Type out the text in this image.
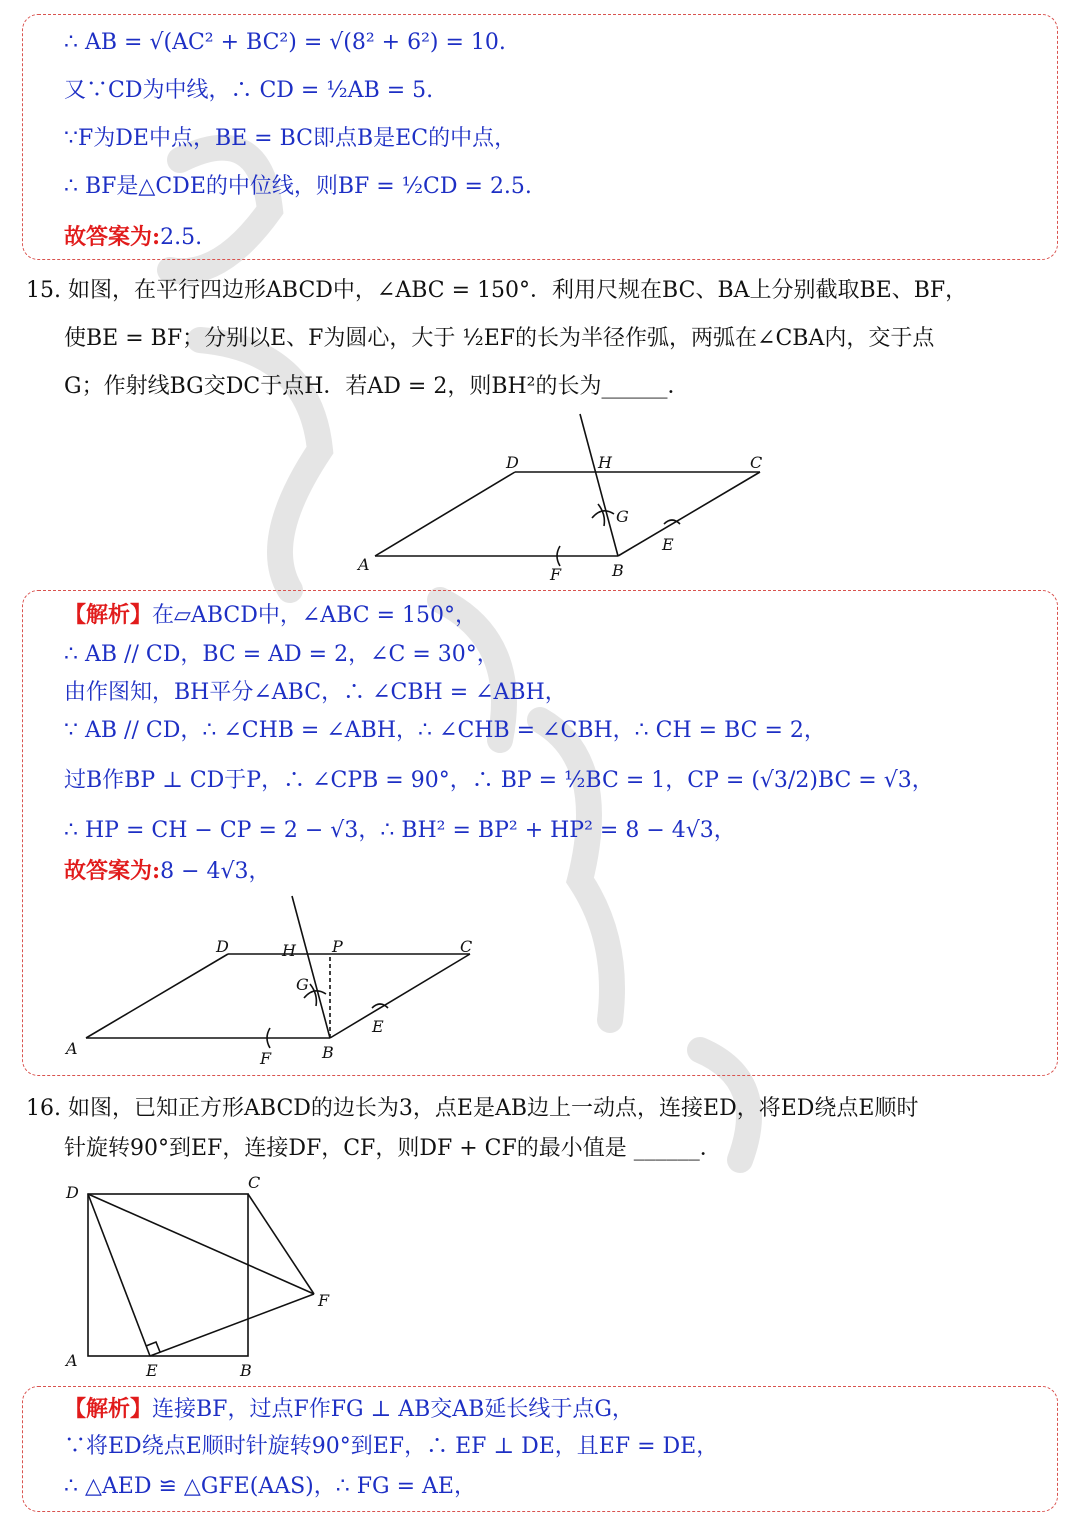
∴ AB = √(AC² + BC²) = √(8² + 6²) = 10.
又∵CD为中线，∴ CD = ½AB = 5.
∵F为DE中点，BE = BC即点B是EC的中点，
∴ BF是△CDE的中位线，则BF = ½CD = 2.5.
故答案为:2.5.
15. 如图，在平行四边形ABCD中，∠ABC = 150°．利用尺规在BC、BA上分别截取BE、BF，
使BE = BF；分别以E、F为圆心，大于 ½EF的长为半径作弧，两弧在∠CBA内，交于点
G；作射线BG交DC于点H．若AD = 2，则BH²的长为______．
D	H	C
G
E
A
F	B
【解析】在▱ABCD中，∠ABC = 150°，
∴ AB // CD，BC = AD = 2，∠C = 30°，
由作图知，BH平分∠ABC，∴ ∠CBH = ∠ABH，
∵ AB // CD，∴ ∠CHB = ∠ABH，∴ ∠CHB = ∠CBH，∴ CH = BC = 2，
过B作BP ⊥ CD于P，∴ ∠CPB = 90°，∴ BP = ½BC = 1，CP = (√3/2)BC = √3，
∴ HP = CH − CP = 2 − √3，∴ BH² = BP² + HP² = 8 − 4√3，
故答案为:8 − 4√3，
D	H P	C
G
E
A
F	B
16. 如图，已知正方形ABCD的边长为3，点E是AB边上一动点，连接ED，将ED绕点E顺时
针旋转90°到EF，连接DF，CF，则DF + CF的最小值是 ______．
D
C
F
A
E	B
【解析】连接BF，过点F作FG ⊥ AB交AB延长线于点G，
∵将ED绕点E顺时针旋转90°到EF，∴ EF ⊥ DE，且EF = DE，
∴ △AED ≌ △GFE(AAS)，∴ FG = AE，
